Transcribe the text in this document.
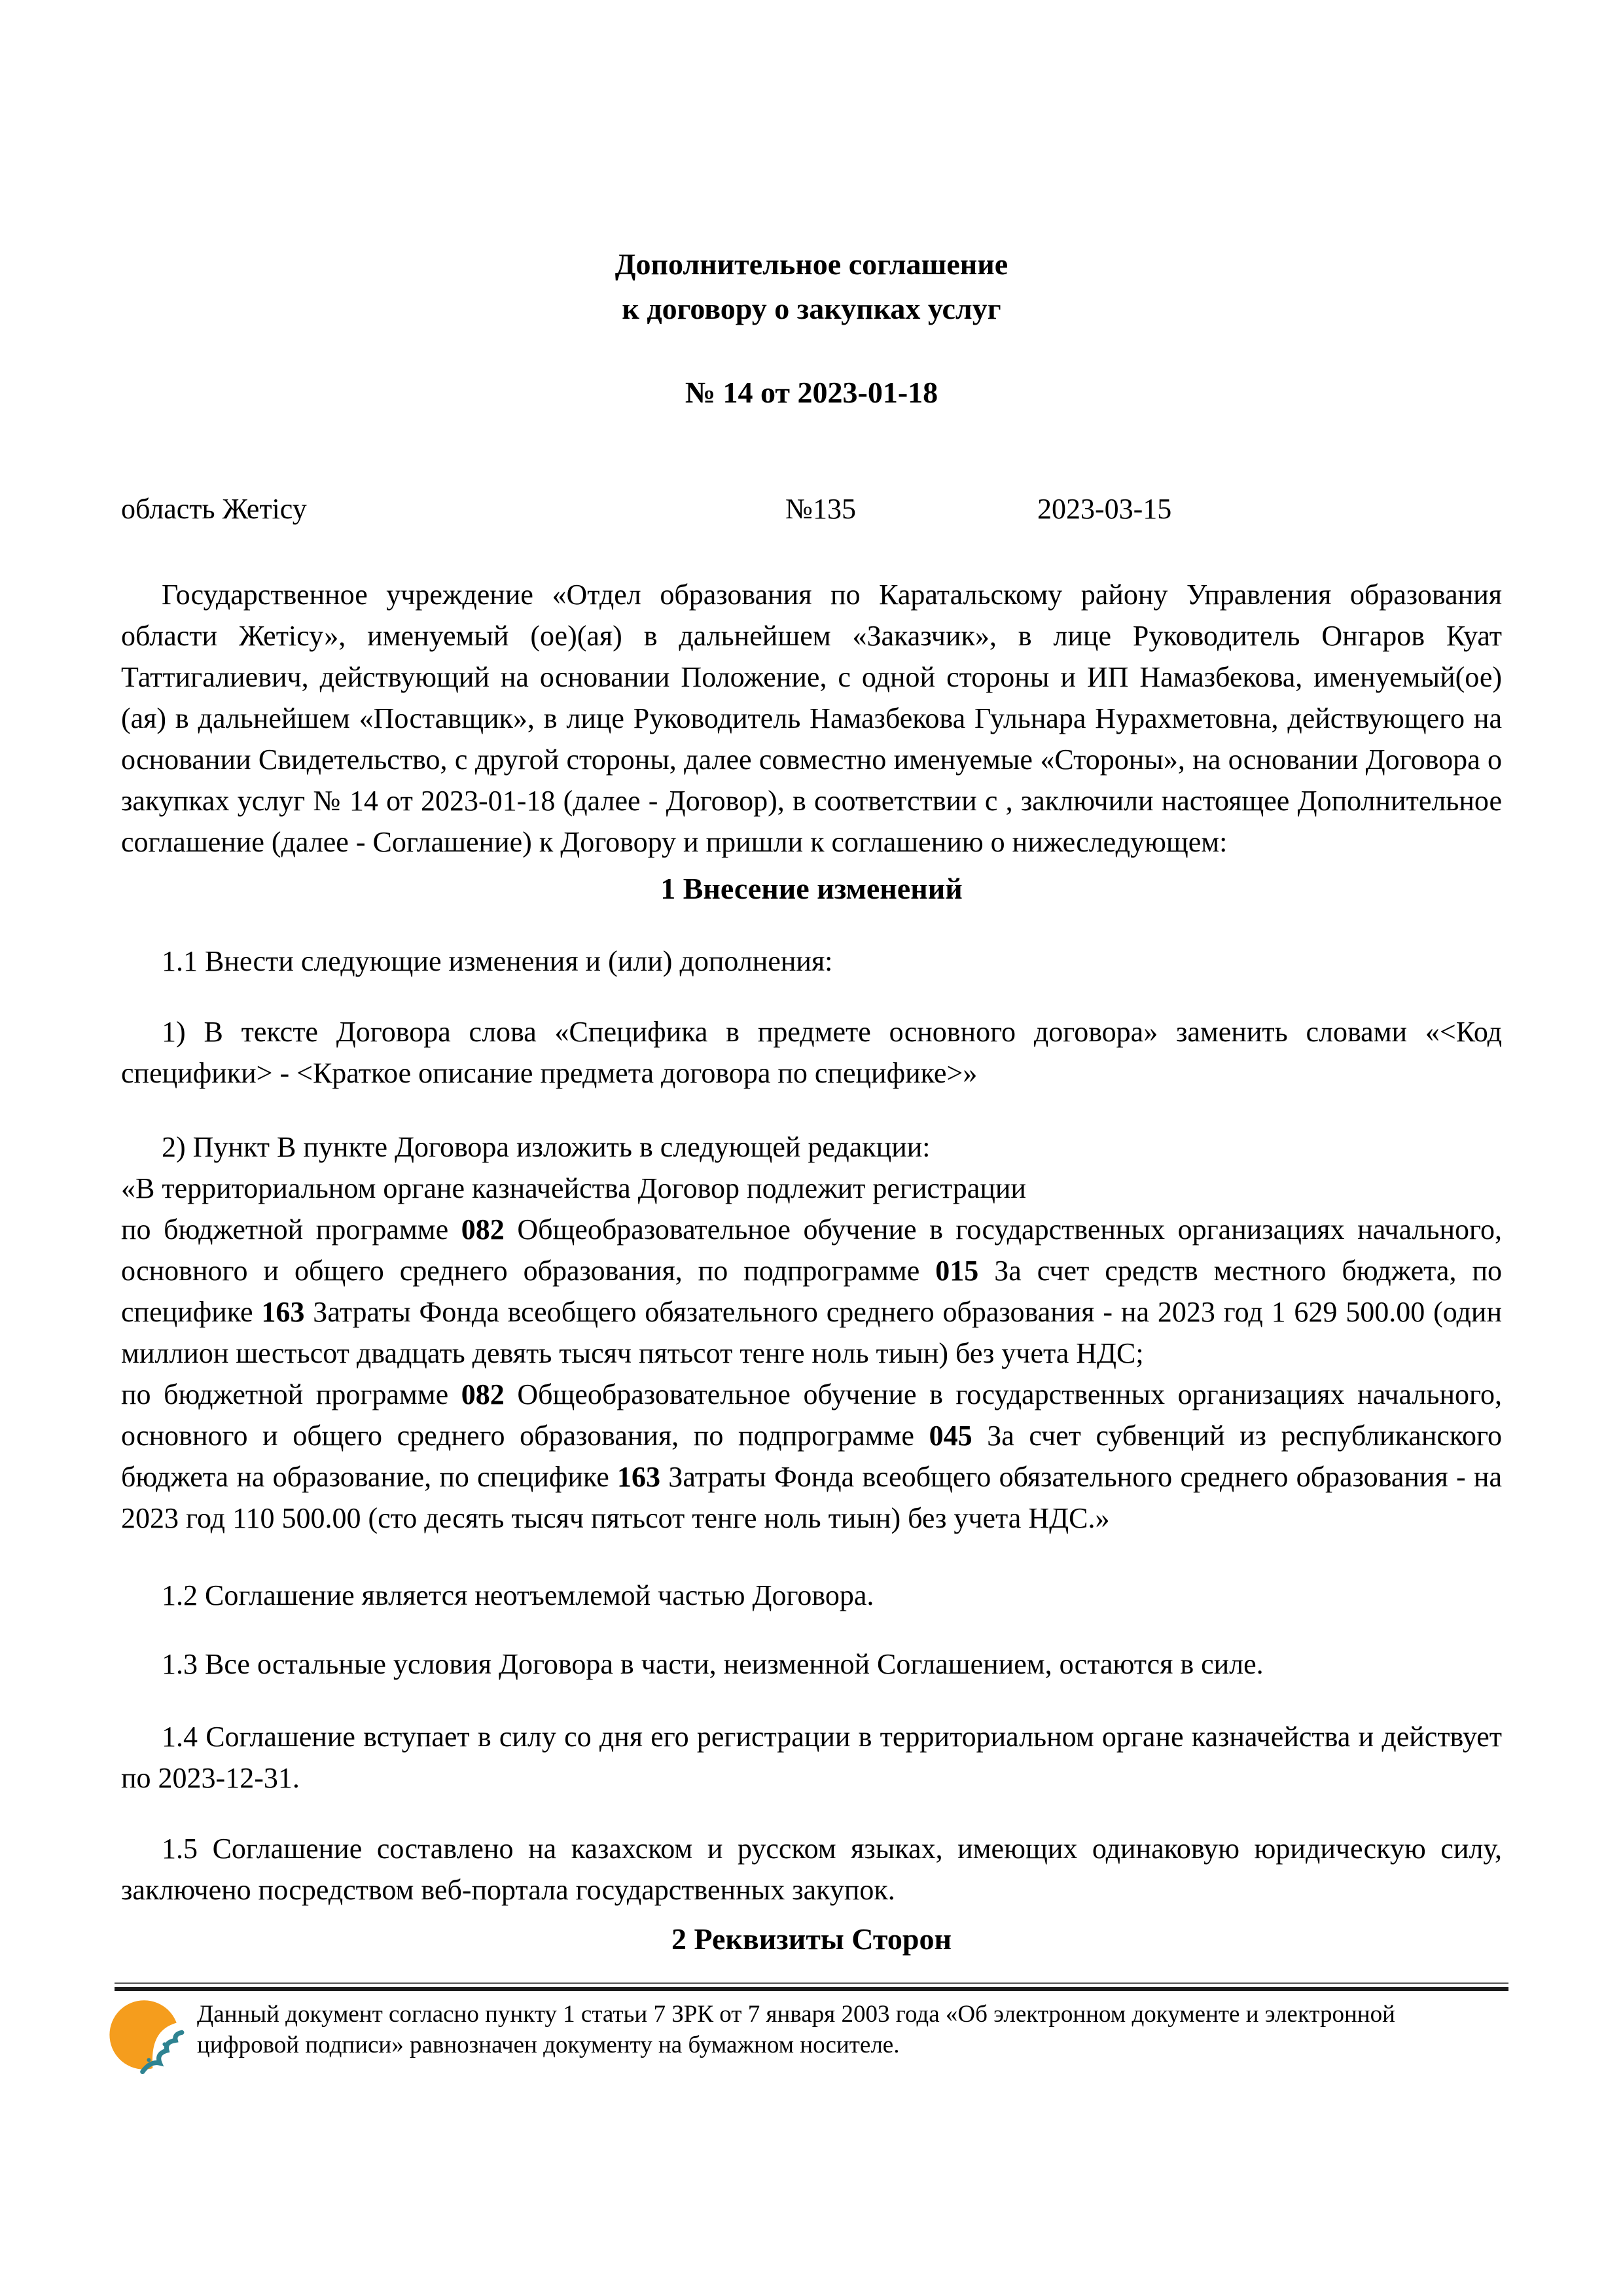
Дополнительное соглашение
к договору о закупках услуг
№ 14 от 2023-01-18
область Жетісу	№135	2023-03-15

Государственное учреждение «Отдел образования по Каратальскому району Управления образования области Жетісу», именуемый (ое)(ая) в дальнейшем «Заказчик», в лице Руководитель Онгаров Куат Таттигалиевич, действующий на основании Положение, с одной стороны и ИП Намазбекова, именуемый(ое)(ая) в дальнейшем «Поставщик», в лице Руководитель Намазбекова Гульнара Нурахметовна, действующего на основании Свидетельство, с другой стороны, далее совместно именуемые «Стороны», на основании Договора о закупках услуг № 14 от 2023-01-18 (далее - Договор), в соответствии с , заключили настоящее Дополнительное соглашение (далее - Соглашение) к Договору и пришли к соглашению о нижеследующем:

1 Внесение изменений

1.1 Внести следующие изменения и (или) дополнения:

1) В тексте Договора слова «Специфика в предмете основного договора» заменить словами «<Код специфики> - <Краткое описание предмета договора по специфике>»

2) Пункт В пункте Договора изложить в следующей редакции:

«В территориальном органе казначейства Договор подлежит регистрации

по бюджетной программе 082 Общеобразовательное обучение в государственных организациях начального, основного и общего среднего образования, по подпрограмме 015 За счет средств местного бюджета, по специфике 163 Затраты Фонда всеобщего обязательного среднего образования - на 2023 год 1 629 500.00 (один миллион шестьсот двадцать девять тысяч пятьсот тенге ноль тиын) без учета НДС;

по бюджетной программе 082 Общеобразовательное обучение в государственных организациях начального, основного и общего среднего образования, по подпрограмме 045 За счет субвенций из республиканского бюджета на образование, по специфике 163 Затраты Фонда всеобщего обязательного среднего образования - на 2023 год 110 500.00 (сто десять тысяч пятьсот тенге ноль тиын) без учета НДС.»

1.2 Соглашение является неотъемлемой частью Договора.

1.3 Все остальные условия Договора в части, неизменной Соглашением, остаются в силе.

1.4 Соглашение вступает в силу со дня его регистрации в территориальном органе казначейства и действует по 2023-12-31.

1.5 Соглашение составлено на казахском и русском языках, имеющих одинаковую юридическую силу, заключено посредством веб-портала государственных закупок.

2 Реквизиты Сторон

Данный документ согласно пункту 1 статьи 7 ЗРК от 7 января 2003 года «Об электронном документе и электронной цифровой подписи» равнозначен документу на бумажном носителе.
